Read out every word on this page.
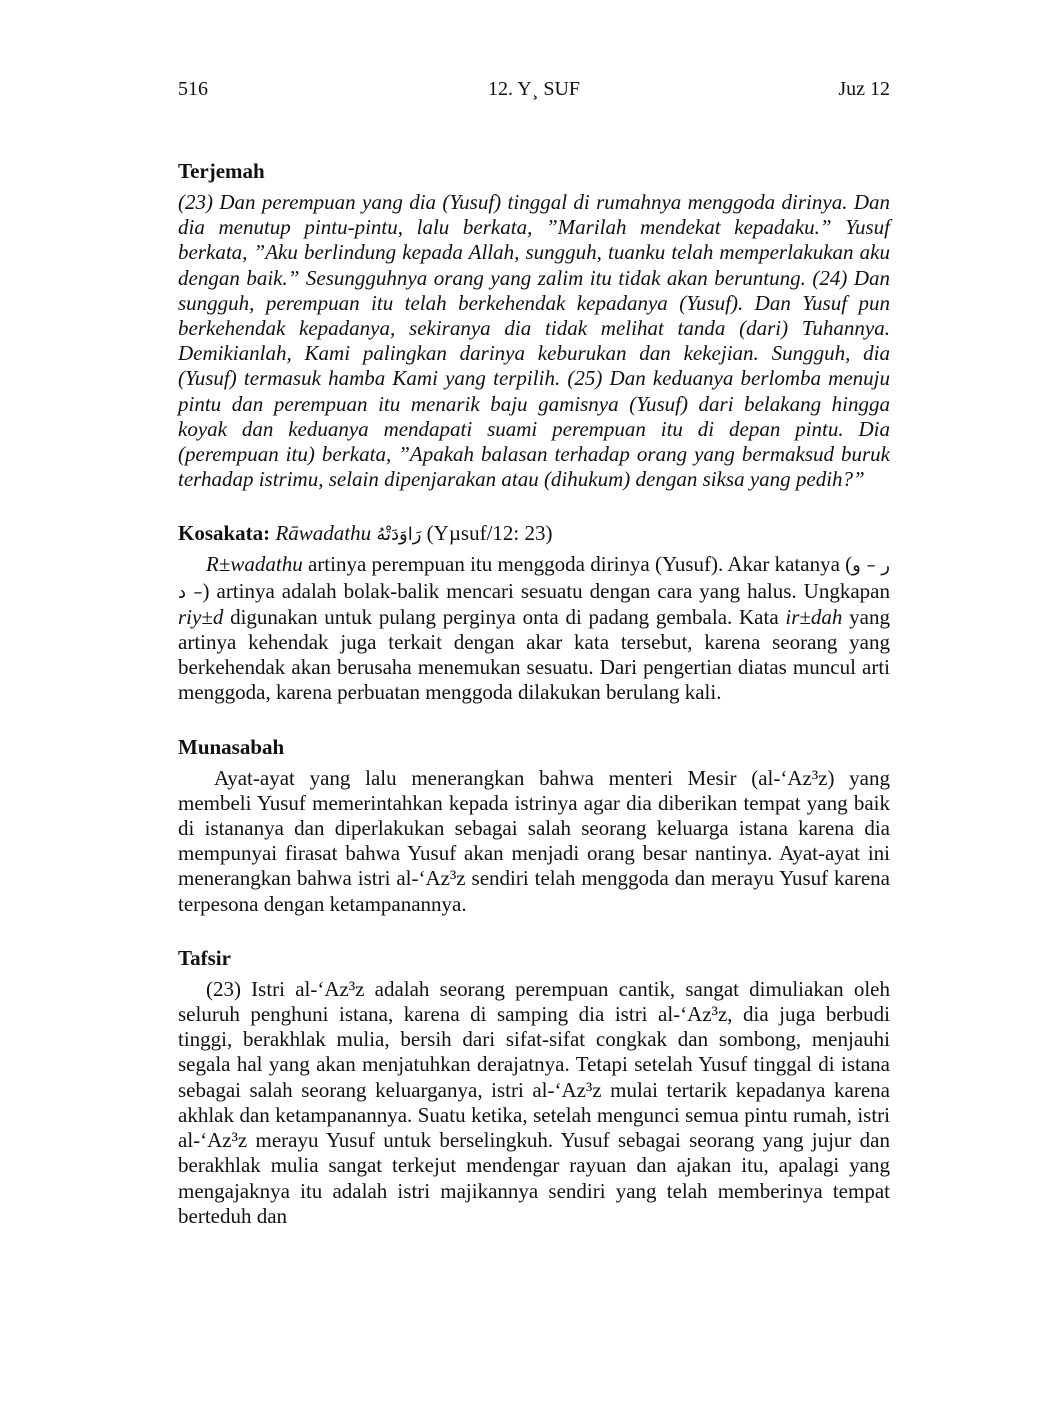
516	12. Y¸ SUF	Juz 12
Terjemah

(23) Dan perempuan yang dia (Yusuf) tinggal di rumahnya menggoda dirinya. Dan dia menutup pintu-pintu, lalu berkata, ”Marilah mendekat kepadaku.” Yusuf berkata, ”Aku berlindung kepada Allah, sungguh, tuanku telah memperlakukan aku dengan baik.” Sesungguhnya orang yang zalim itu tidak akan beruntung. (24) Dan sungguh, perempuan itu telah berkehendak kepadanya (Yusuf). Dan Yusuf pun berkehendak kepadanya, sekiranya dia tidak melihat tanda (dari) Tuhannya. Demikianlah, Kami palingkan darinya keburukan dan kekejian. Sungguh, dia (Yusuf) termasuk hamba Kami yang terpilih. (25) Dan keduanya berlomba menuju pintu dan perempuan itu menarik baju gamisnya (Yusuf) dari belakang hingga koyak dan keduanya mendapati suami perempuan itu di depan pintu. Dia (perempuan itu) berkata, ”Apakah balasan terhadap orang yang bermaksud buruk terhadap istrimu, selain dipenjarakan atau (dihukum) dengan siksa yang pedih?”

Kosakata: Rāwadathu رَاوَدَتْهُ (Yµsuf/12: 23)

R±wadathu artinya perempuan itu menggoda dirinya (Yusuf). Akar katanya (ر – و – د) artinya adalah bolak-balik mencari sesuatu dengan cara yang halus. Ungkapan riy±d digunakan untuk pulang perginya onta di padang gembala. Kata ir±dah yang artinya kehendak juga terkait dengan akar kata tersebut, karena seorang yang berkehendak akan berusaha menemukan sesuatu. Dari pengertian diatas muncul arti menggoda, karena perbuatan menggoda dilakukan berulang kali.

Munasabah

Ayat-ayat yang lalu menerangkan bahwa menteri Mesir (al-‘Az³z) yang membeli Yusuf memerintahkan kepada istrinya agar dia diberikan tempat yang baik di istananya dan diperlakukan sebagai salah seorang keluarga istana karena dia mempunyai firasat bahwa Yusuf akan menjadi orang besar nantinya. Ayat-ayat ini menerangkan bahwa istri al-‘Az³z sendiri telah menggoda dan merayu Yusuf karena terpesona dengan ketampanannya.

Tafsir

(23) Istri al-‘Az³z adalah seorang perempuan cantik, sangat dimuliakan oleh seluruh penghuni istana, karena di samping dia istri al-‘Az³z, dia juga berbudi tinggi, berakhlak mulia, bersih dari sifat-sifat congkak dan sombong, menjauhi segala hal yang akan menjatuhkan derajatnya. Tetapi setelah Yusuf tinggal di istana sebagai salah seorang keluarganya, istri al-‘Az³z mulai tertarik kepadanya karena akhlak dan ketampanannya. Suatu ketika, setelah mengunci semua pintu rumah, istri al-‘Az³z merayu Yusuf untuk berselingkuh. Yusuf sebagai seorang yang jujur dan berakhlak mulia sangat terkejut mendengar rayuan dan ajakan itu, apalagi yang mengajaknya itu adalah istri majikannya sendiri yang telah memberinya tempat berteduh dan
